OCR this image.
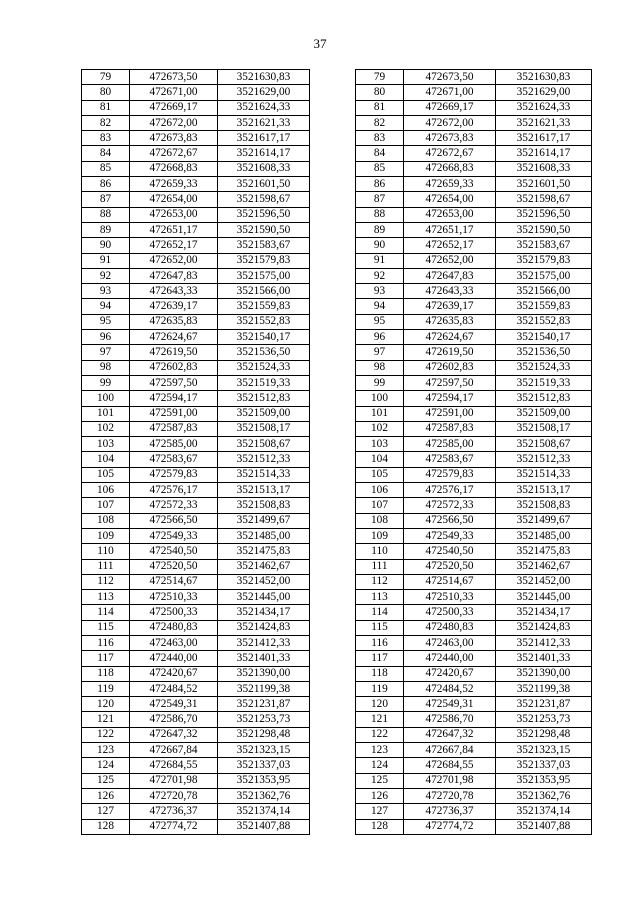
37
79	472673,50	3521630,83		79	472673,50	3521630,83
80	472671,00	3521629,00		80	472671,00	3521629,00
81	472669,17	3521624,33		81	472669,17	3521624,33
82	472672,00	3521621,33		82	472672,00	3521621,33
83	472673,83	3521617,17		83	472673,83	3521617,17
84	472672,67	3521614,17		84	472672,67	3521614,17
85	472668,83	3521608,33		85	472668,83	3521608,33
86	472659,33	3521601,50		86	472659,33	3521601,50
87	472654,00	3521598,67		87	472654,00	3521598,67
88	472653,00	3521596,50		88	472653,00	3521596,50
89	472651,17	3521590,50		89	472651,17	3521590,50
90	472652,17	3521583,67		90	472652,17	3521583,67
91	472652,00	3521579,83		91	472652,00	3521579,83
92	472647,83	3521575,00		92	472647,83	3521575,00
93	472643,33	3521566,00		93	472643,33	3521566,00
94	472639,17	3521559,83		94	472639,17	3521559,83
95	472635,83	3521552,83		95	472635,83	3521552,83
96	472624,67	3521540,17		96	472624,67	3521540,17
97	472619,50	3521536,50		97	472619,50	3521536,50
98	472602,83	3521524,33		98	472602,83	3521524,33
99	472597,50	3521519,33		99	472597,50	3521519,33
100	472594,17	3521512,83		100	472594,17	3521512,83
101	472591,00	3521509,00		101	472591,00	3521509,00
102	472587,83	3521508,17		102	472587,83	3521508,17
103	472585,00	3521508,67		103	472585,00	3521508,67
104	472583,67	3521512,33		104	472583,67	3521512,33
105	472579,83	3521514,33		105	472579,83	3521514,33
106	472576,17	3521513,17		106	472576,17	3521513,17
107	472572,33	3521508,83		107	472572,33	3521508,83
108	472566,50	3521499,67		108	472566,50	3521499,67
109	472549,33	3521485,00		109	472549,33	3521485,00
110	472540,50	3521475,83		110	472540,50	3521475,83
111	472520,50	3521462,67		111	472520,50	3521462,67
112	472514,67	3521452,00		112	472514,67	3521452,00
113	472510,33	3521445,00		113	472510,33	3521445,00
114	472500,33	3521434,17		114	472500,33	3521434,17
115	472480,83	3521424,83		115	472480,83	3521424,83
116	472463,00	3521412,33		116	472463,00	3521412,33
117	472440,00	3521401,33		117	472440,00	3521401,33
118	472420,67	3521390,00		118	472420,67	3521390,00
119	472484,52	3521199,38		119	472484,52	3521199,38
120	472549,31	3521231,87		120	472549,31	3521231,87
121	472586,70	3521253,73		121	472586,70	3521253,73
122	472647,32	3521298,48		122	472647,32	3521298,48
123	472667,84	3521323,15		123	472667,84	3521323,15
124	472684,55	3521337,03		124	472684,55	3521337,03
125	472701,98	3521353,95		125	472701,98	3521353,95
126	472720,78	3521362,76		126	472720,78	3521362,76
127	472736,37	3521374,14		127	472736,37	3521374,14
128	472774,72	3521407,88		128	472774,72	3521407,88
